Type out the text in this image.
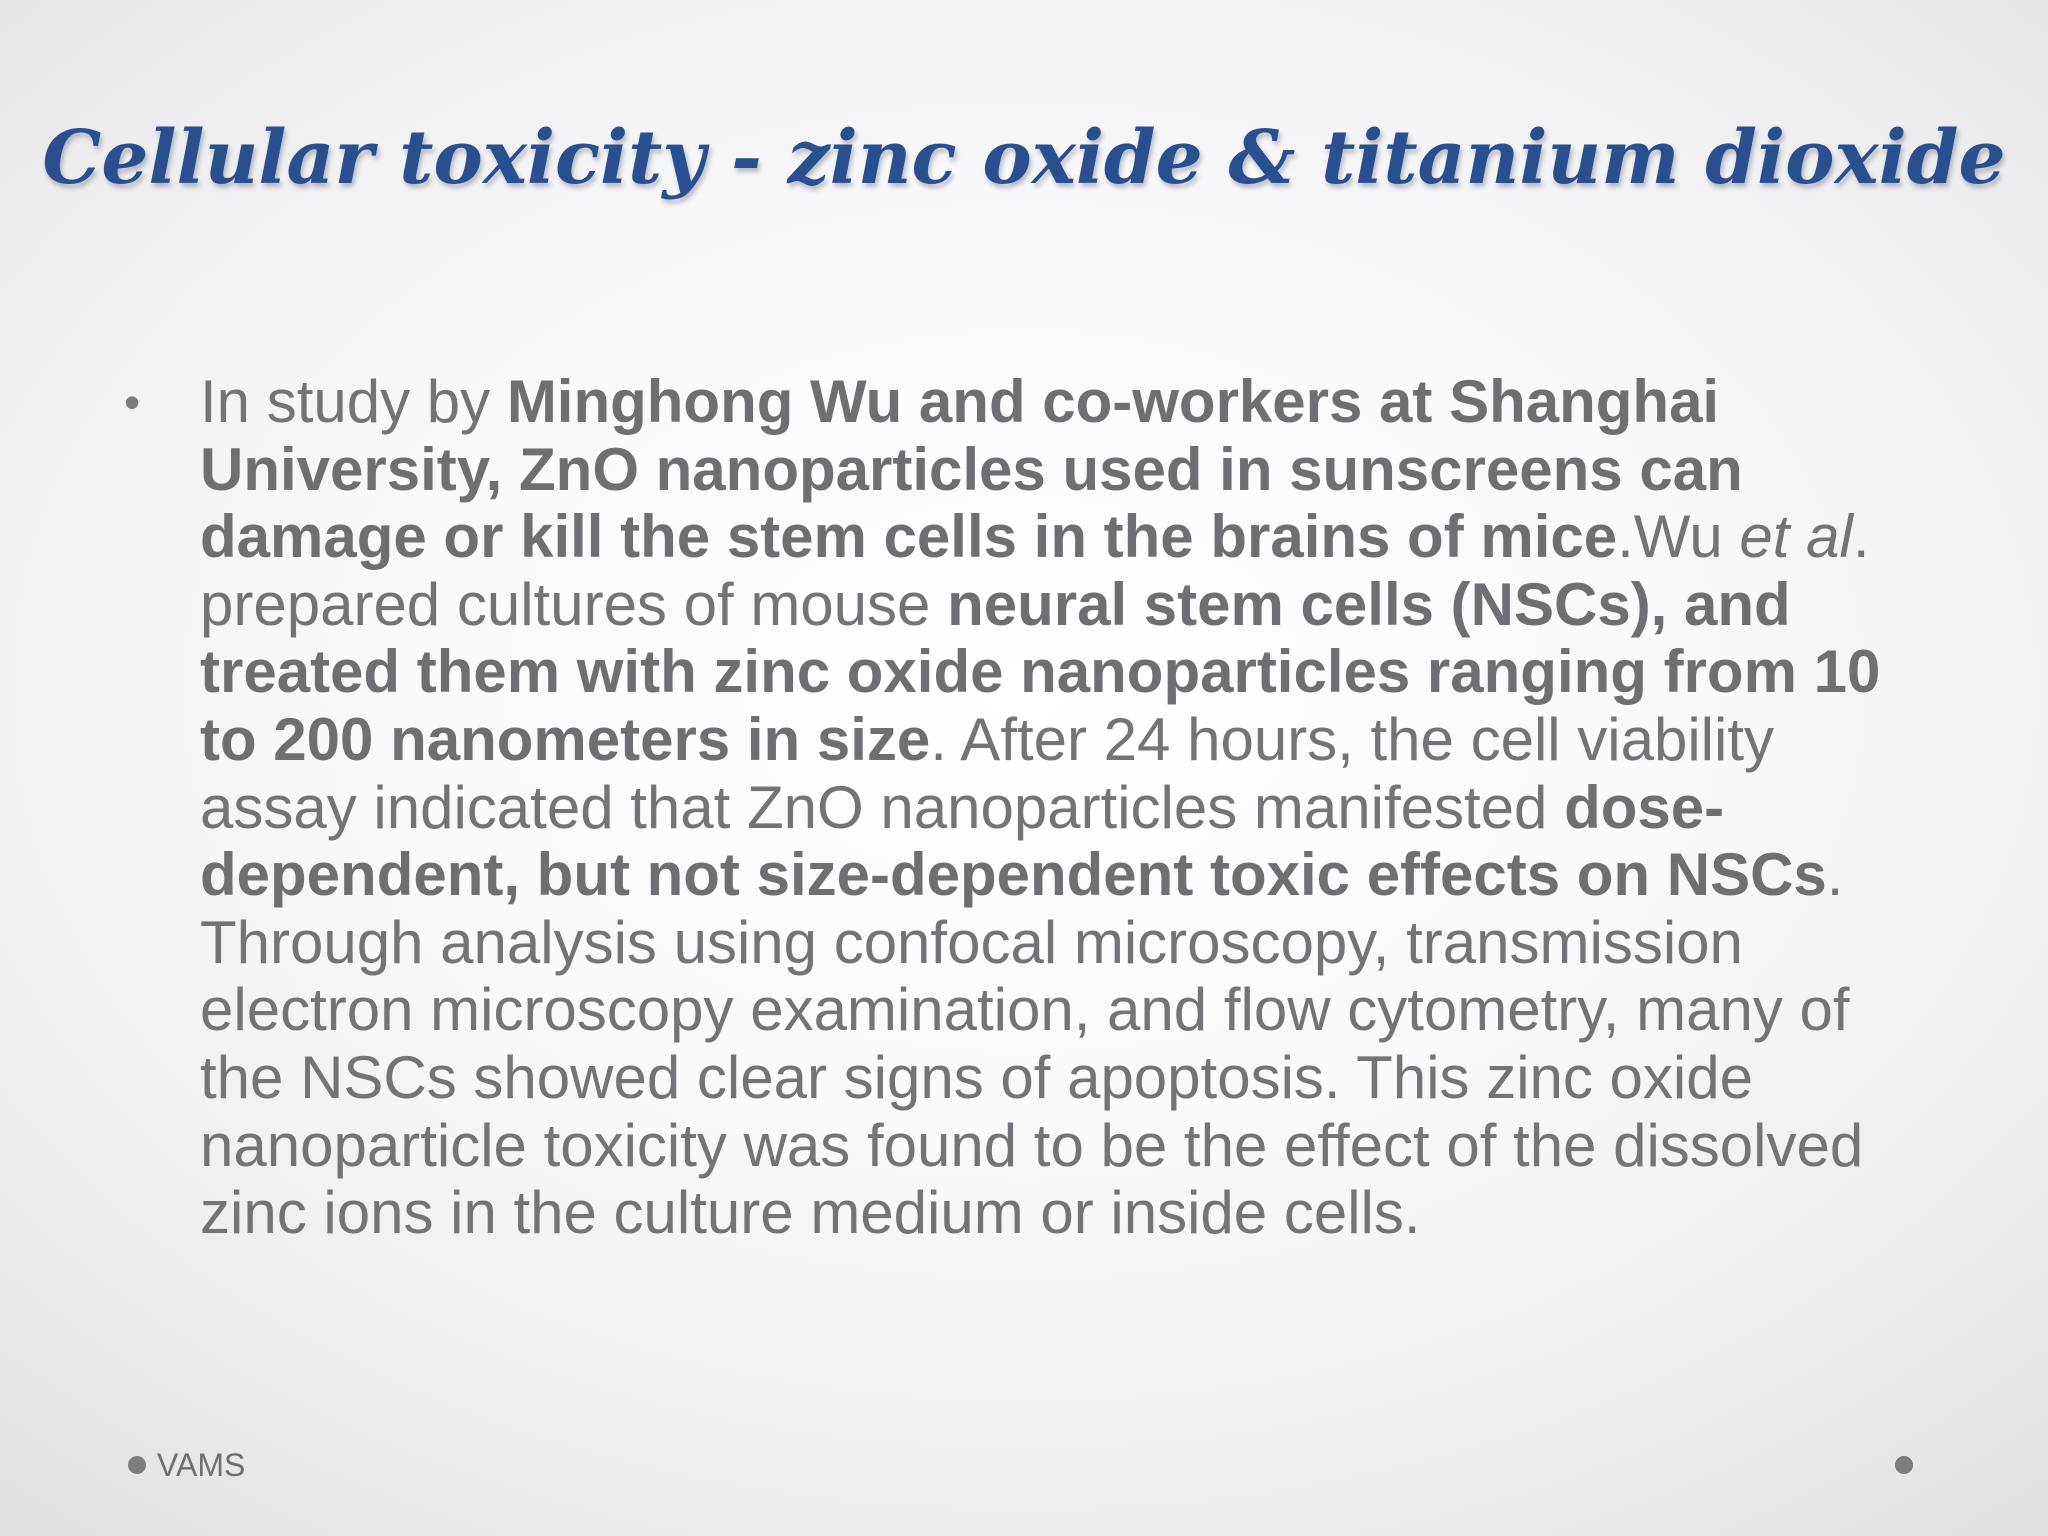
Cellular toxicity - zinc oxide & titanium dioxide
• In study by Minghong Wu and co-workers at Shanghai University, ZnO nanoparticles used in sunscreens can damage or kill the stem cells in the brains of mice.Wu et al. prepared cultures of mouse neural stem cells (NSCs), and treated them with zinc oxide nanoparticles ranging from 10 to 200 nanometers in size. After 24 hours, the cell viability assay indicated that ZnO nanoparticles manifested dose-dependent, but not size-dependent toxic effects on NSCs. Through analysis using confocal microscopy, transmission electron microscopy examination, and flow cytometry, many of the NSCs showed clear signs of apoptosis. This zinc oxide nanoparticle toxicity was found to be the effect of the dissolved zinc ions in the culture medium or inside cells.

VAMS
